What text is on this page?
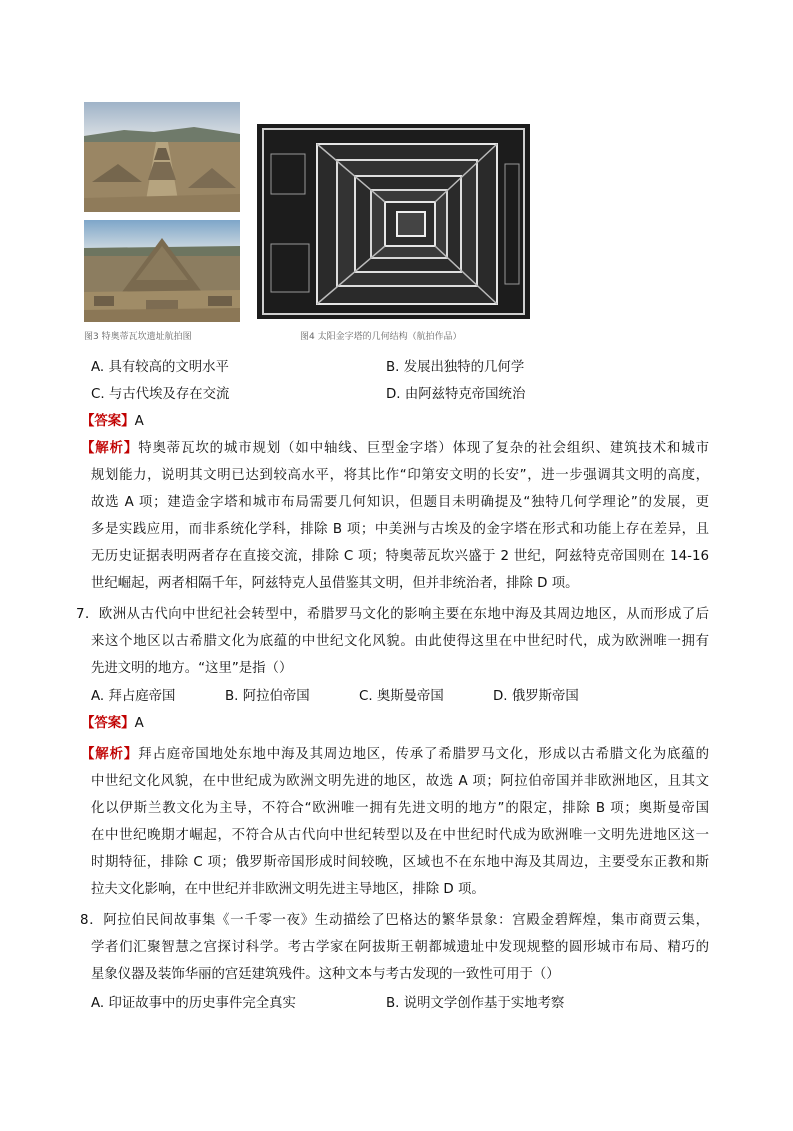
图3 特奥蒂瓦坎遗址航拍图	图4 太阳金字塔的几何结构（航拍作品）
A. 具有较高的文明水平	B. 发展出独特的几何学
C. 与古代埃及存在交流	D. 由阿兹特克帝国统治
【答案】A
【解析】特奥蒂瓦坎的城市规划（如中轴线、巨型金字塔）体现了复杂的社会组织、建筑技术和城市
规划能力，说明其文明已达到较高水平，将其比作“印第安文明的长安”，进一步强调其文明的高度，
故选 A 项；建造金字塔和城市布局需要几何知识，但题目未明确提及“独特几何学理论”的发展，更
多是实践应用，而非系统化学科，排除 B 项；中美洲与古埃及的金字塔在形式和功能上存在差异，且
无历史证据表明两者存在直接交流，排除 C 项；特奥蒂瓦坎兴盛于 2 世纪，阿兹特克帝国则在 14-16
世纪崛起，两者相隔千年，阿兹特克人虽借鉴其文明，但并非统治者，排除 D 项。
7．欧洲从古代向中世纪社会转型中，希腊罗马文化的影响主要在东地中海及其周边地区，从而形成了后
来这个地区以古希腊文化为底蕴的中世纪文化风貌。由此使得这里在中世纪时代，成为欧洲唯一拥有
先进文明的地方。“这里”是指（）
A. 拜占庭帝国	B. 阿拉伯帝国	C. 奥斯曼帝国	D. 俄罗斯帝国
【答案】A
【解析】拜占庭帝国地处东地中海及其周边地区，传承了希腊罗马文化，形成以古希腊文化为底蕴的
中世纪文化风貌，在中世纪成为欧洲文明先进的地区，故选 A 项；阿拉伯帝国并非欧洲地区，且其文
化以伊斯兰教文化为主导，不符合“欧洲唯一拥有先进文明的地方”的限定，排除 B 项；奥斯曼帝国
在中世纪晚期才崛起，不符合从古代向中世纪转型以及在中世纪时代成为欧洲唯一文明先进地区这一
时期特征，排除 C 项；俄罗斯帝国形成时间较晚，区域也不在东地中海及其周边，主要受东正教和斯
拉夫文化影响，在中世纪并非欧洲文明先进主导地区，排除 D 项。
8．阿拉伯民间故事集《一千零一夜》生动描绘了巴格达的繁华景象：宫殿金碧辉煌，集市商贾云集，
学者们汇聚智慧之宫探讨科学。考古学家在阿拔斯王朝都城遗址中发现规整的圆形城市布局、精巧的
星象仪器及装饰华丽的宫廷建筑残件。这种文本与考古发现的一致性可用于（）
A. 印证故事中的历史事件完全真实	B. 说明文学创作基于实地考察
